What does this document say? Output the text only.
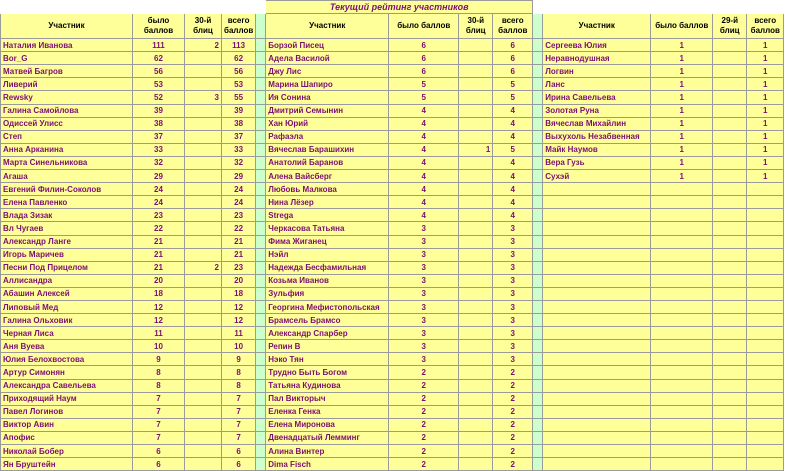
					Текущий рейтинг участников								
Участник	было баллов	30-й блиц	всего баллов		Участник	было баллов	30-й блиц	всего баллов		Участник	было баллов	29-й блиц	всего баллов
Наталия Иванова	111	2	113		Борзой Писец	6		6		Сергеева Юлия	1		1
Bor_G	62		62		Адела Василой	6		6		Неравнодушная	1		1
Матвей Багров	56		56		Джу Лис	6		6		Логвин	1		1
Ливерий	53		53		Марина Шапиро	5		5		Ланс	1		1
Rewsky	52	3	55		Ия Сонина	5		5		Ирина Савельева	1		1
Галина Самойлова	39		39		Дмитрий Семынин	4		4		Золотая Руна	1		1
Одиссей Улисс	38		38		Хан Юрий	4		4		Вячеслав Михайлин	1		1
Степ	37		37		Рафаэла	4		4		Выхухоль Незабвенная	1		1
Анна Арканина	33		33		Вячеслав Барашихин	4	1	5		Майк Наумов	1		1
Марта Синельникова	32		32		Анатолий Баранов	4		4		Вера Гузь	1		1
Агаша	29		29		Алена Вайсберг	4		4		Сухэй	1		1
Евгений Филин-Соколов	24		24		Любовь Малкова	4		4					
Елена Павленко	24		24		Нина Лёзер	4		4					
Влада Зизак	23		23		Strega	4		4					
Вл Чугаев	22		22		Черкасова Татьяна	3		3					
Александр Ланге	21		21		Фима Жиганец	3		3					
Игорь Маричев	21		21		Нэйл	3		3					
Песни Под Прицелом	21	2	23		Надежда Бесфамильная	3		3					
Аллисандра	20		20		Козьма Иванов	3		3					
Абашин Алексей	18		18		Зульфия	3		3					
Липовый Мед	12		12		Георгина Мефистопольская	3		3					
Галина Ольховик	12		12		Брамсель Брамсо	3		3					
Черная Лиса	11		11		Александр Спарбер	3		3					
Аня Вуева	10		10		Репин В	3		3					
Юлия Белохвостова	9		9		Нэко Тян	3		3					
Артур Симонян	8		8		Трудно Быть Богом	2		2					
Александра Савельева	8		8		Татьяна Кудинова	2		2					
Приходящий Наум	7		7		Пал Викторыч	2		2					
Павел Логинов	7		7		Еленка Генка	2		2					
Виктор Авин	7		7		Елена Миронова	2		2					
Апофис	7		7		Двенадцатый Лемминг	2		2					
Николай Бобер	6		6		Алина Винтер	2		2					
Ян Бруштейн	6		6		Dima Fisch	2		2					
